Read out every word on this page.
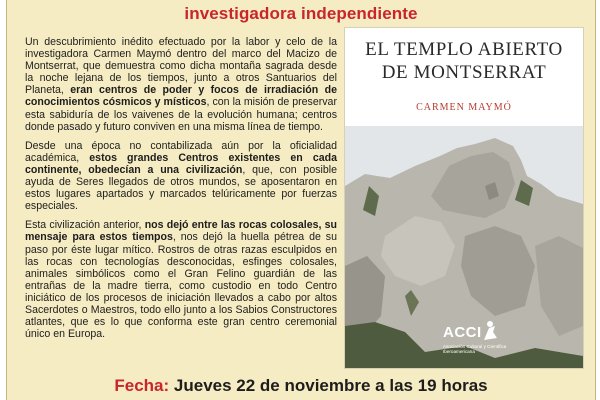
investigadora independiente

Un descubrimiento inédito efectuado por la labor y celo de la investigadora Carmen Maymó dentro del marco del Macizo de Montserrat, que demuestra como dicha montaña sagrada desde la noche lejana de los tiempos, junto a otros Santuarios del Planeta, eran centros de poder y focos de irradiación de conocimientos cósmicos y místicos, con la misión de preservar esta sabiduría de los vaivenes de la evolución humana; centros donde pasado y futuro conviven en una misma línea de tiempo.

Desde una época no contabilizada aún por la oficialidad académica, estos grandes Centros existentes en cada continente, obedecían a una civilización, que, con posible ayuda de Seres llegados de otros mundos, se aposentaron en estos lugares apartados y marcados telúricamente por fuerzas especiales.

Esta civilización anterior, nos dejó entre las rocas colosales, su mensaje para estos tiempos, nos dejó la huella pétrea de su paso por éste lugar mítico. Rostros de otras razas esculpidos en las rocas con tecnologías desconocidas, esfinges colosales, animales simbólicos como el Gran Felino guardián de las entrañas de la madre tierra, como custodio en todo Centro iniciático de los procesos de iniciación llevados a cabo por altos Sacerdotes o Maestros, todo ello junto a los Sabios Constructores atlantes, que es lo que conforma este gran centro ceremonial único en Europa.

EL TEMPLO ABIERTO
DE MONTSERRAT
CARMEN MAYMÓ
ACCI
Asociación Cultural y Científica Iberoamericana
Fecha: Jueves 22 de noviembre a las 19 horas
